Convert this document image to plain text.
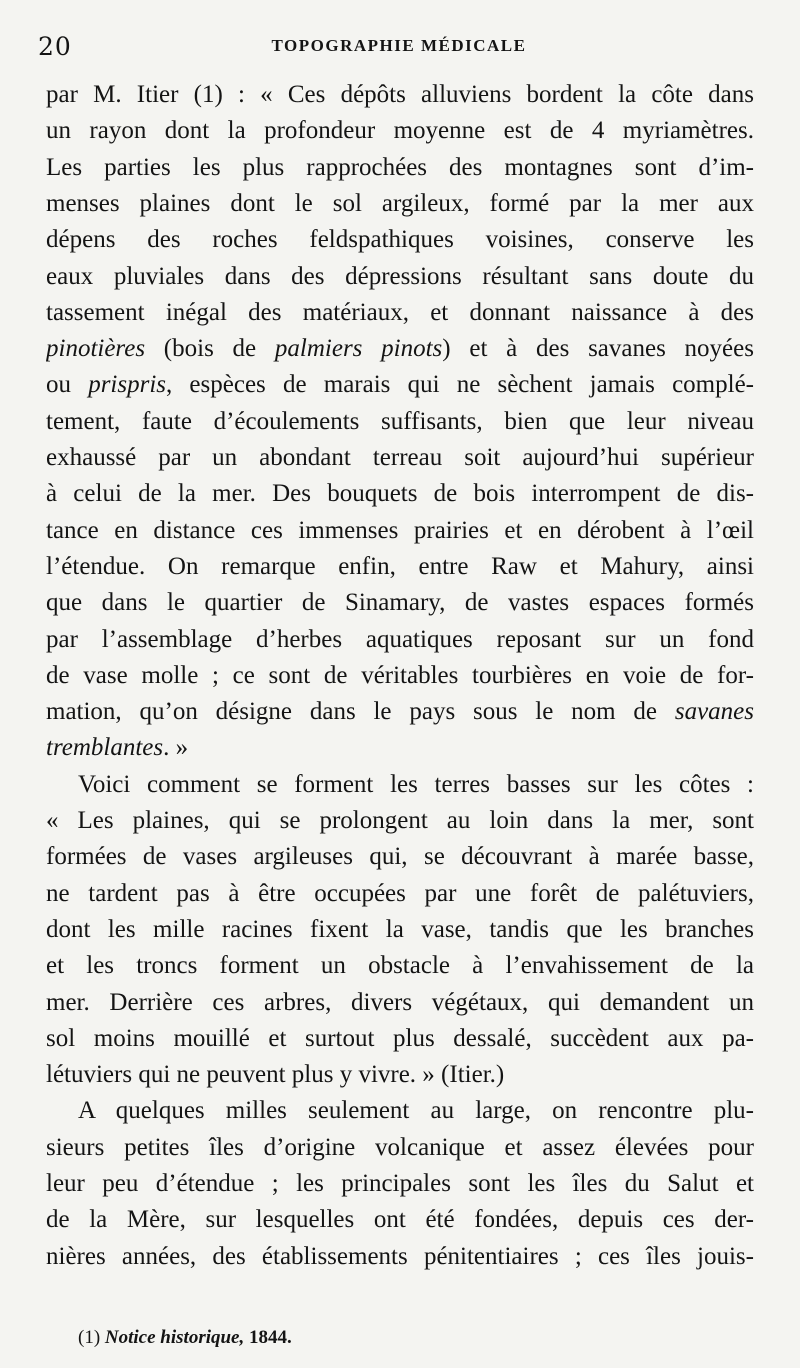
20	TOPOGRAPHIE MÉDICALE
par M. Itier (1) : « Ces dépôts alluviens bordent la côte dans
un rayon dont la profondeur moyenne est de 4 myriamètres.
Les parties les plus rapprochées des montagnes sont d’im-
menses plaines dont le sol argileux, formé par la mer aux
dépens des roches feldspathiques voisines, conserve les
eaux pluviales dans des dépressions résultant sans doute du
tassement inégal des matériaux, et donnant naissance à des
pinotières (bois de palmiers pinots) et à des savanes noyées
ou prispris, espèces de marais qui ne sèchent jamais complé-
tement, faute d’écoulements suffisants, bien que leur niveau
exhaussé par un abondant terreau soit aujourd’hui supérieur
à celui de la mer. Des bouquets de bois interrompent de dis-
tance en distance ces immenses prairies et en dérobent à l’œil
l’étendue. On remarque enfin, entre Raw et Mahury, ainsi
que dans le quartier de Sinamary, de vastes espaces formés
par l’assemblage d’herbes aquatiques reposant sur un fond
de vase molle ; ce sont de véritables tourbières en voie de for-
mation, qu’on désigne dans le pays sous le nom de savanes
tremblantes. »
Voici comment se forment les terres basses sur les côtes :
« Les plaines, qui se prolongent au loin dans la mer, sont
formées de vases argileuses qui, se découvrant à marée basse,
ne tardent pas à être occupées par une forêt de palétuviers,
dont les mille racines fixent la vase, tandis que les branches
et les troncs forment un obstacle à l’envahissement de la
mer. Derrière ces arbres, divers végétaux, qui demandent un
sol moins mouillé et surtout plus dessalé, succèdent aux pa-
létuviers qui ne peuvent plus y vivre. » (Itier.)
A quelques milles seulement au large, on rencontre plu-
sieurs petites îles d’origine volcanique et assez élevées pour
leur peu d’étendue ; les principales sont les îles du Salut et
de la Mère, sur lesquelles ont été fondées, depuis ces der-
nières années, des établissements pénitentiaires ; ces îles jouis-
(1) Notice historique, 1844.
